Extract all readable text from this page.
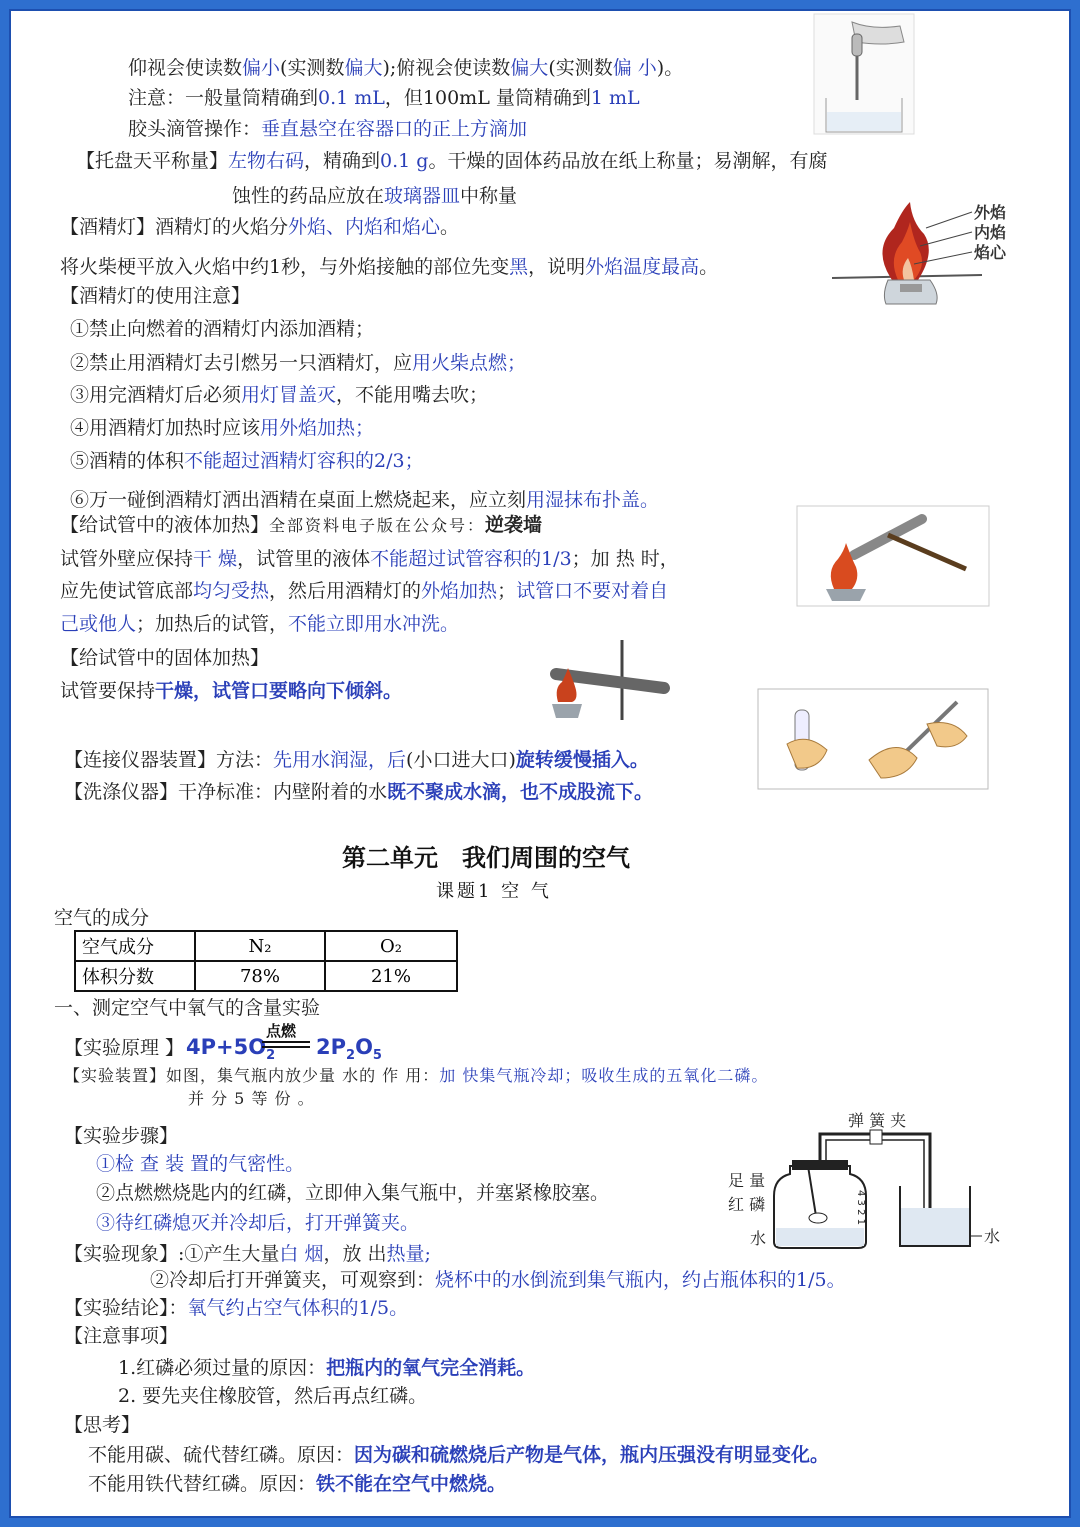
仰视会使读数偏小(实测数偏大);俯视会使读数偏大(实测数偏 小)。
注意：一般量筒精确到0.1 mL，但100mL 量筒精确到1 mL
胶头滴管操作：垂直悬空在容器口的正上方滴加
【托盘天平称量】左物右码，精确到0.1 g。干燥的固体药品放在纸上称量；易潮解，有腐
蚀性的药品应放在玻璃器皿中称量
【酒精灯】酒精灯的火焰分外焰、内焰和焰心。
将火柴梗平放入火焰中约1秒，与外焰接触的部位先变黑，说明外焰温度最高。
【酒精灯的使用注意】
①禁止向燃着的酒精灯内添加酒精；
②禁止用酒精灯去引燃另一只酒精灯，应用火柴点燃；
③用完酒精灯后必须用灯冒盖灭，不能用嘴去吹；
④用酒精灯加热时应该用外焰加热；
⑤酒精的体积不能超过酒精灯容积的2/3；
⑥万一碰倒酒精灯洒出酒精在桌面上燃烧起来，应立刻用湿抹布扑盖。
【给试管中的液体加热】全部资料电子版在公众号：逆袭墙
试管外壁应保持干 燥，试管里的液体不能超过试管容积的1/3；加 热 时，
应先使试管底部均匀受热，然后用酒精灯的外焰加热；试管口不要对着自
己或他人；加热后的试管，不能立即用水冲洗。
【给试管中的固体加热】
试管要保持干燥，试管口要略向下倾斜。
【连接仪器装置】方法：先用水润湿，后(小口进大口)旋转缓慢插入。
【洗涤仪器】干净标准：内壁附着的水既不聚成水滴，也不成股流下。
第二单元　我们周围的空气
课题1 空 气
空气的成分
空气成分	N₂	O₂
体积分数	78%	21%
一、测定空气中氧气的含量实验
【实验原理 】 $4P+5O_2$
点燃
$2P_2O_5$
【实验装置】如图，集气瓶内放少量 水的 作 用：加 快集气瓶冷却；吸收生成的五氧化二磷。
并 分 5 等 份 。
【实验步骤】
①检 查 装 置的气密性。
②点燃燃烧匙内的红磷，立即伸入集气瓶中，并塞紧橡胶塞。
③待红磷熄灭并冷却后，打开弹簧夹。
【实验现象】:①产生大量白 烟，放 出热量;
②冷却后打开弹簧夹，可观察到：烧杯中的水倒流到集气瓶内，约占瓶体积的1/5。
【实验结论】：氧气约占空气体积的1/5。
【注意事项】
1.红磷必须过量的原因：把瓶内的氧气完全消耗。
2. 要先夹住橡胶管，然后再点红磷。
【思考】
不能用碳、硫代替红磷。原因：因为碳和硫燃烧后产物是气体，瓶内压强没有明显变化。
不能用铁代替红磷。原因：铁不能在空气中燃烧。
外焰
内焰
焰心
弹 簧 夹
4 3 2 1
足 量
红 磷
水	水
